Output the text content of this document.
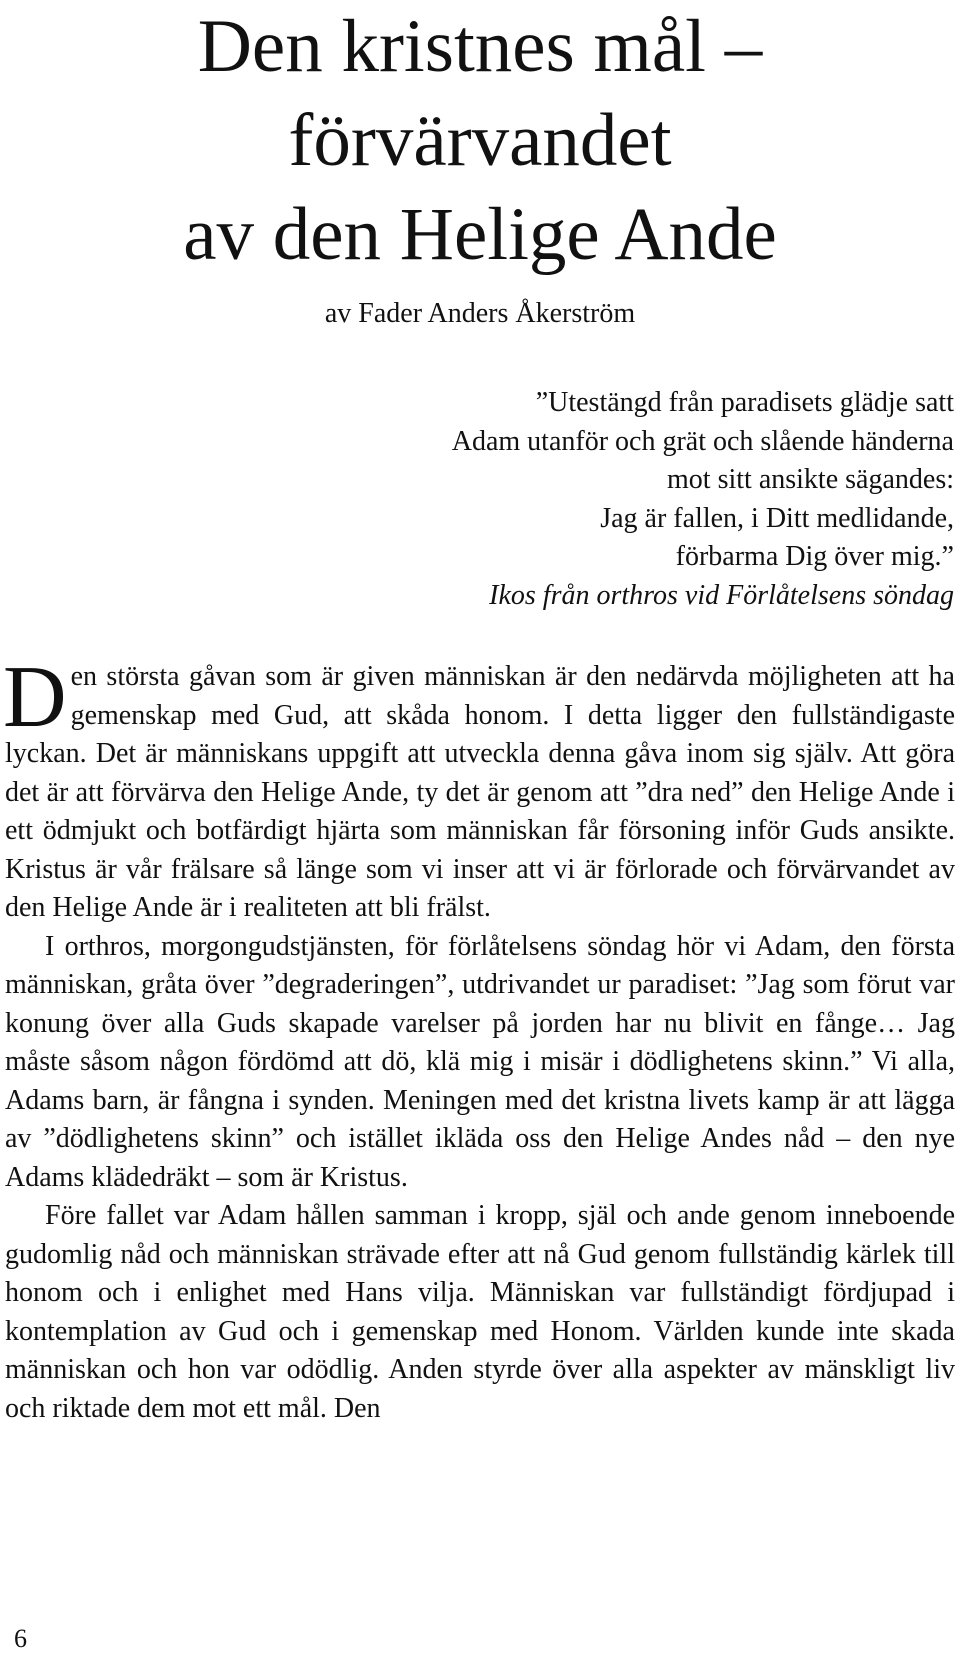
Den kristnes mål –
förvärvandet
av den Helige Ande

av Fader Anders Åkerström

”Utestängd från paradisets glädje satt
Adam utanför och grät och slående händerna
mot sitt ansikte sägandes:
Jag är fallen, i Ditt medlidande,
förbarma Dig över mig.”
Ikos från orthros vid Förlåtelsens söndag

Den största gåvan som är given människan är den nedärvda möjligheten att ha gemenskap med Gud, att skåda honom. I detta ligger den fullständigaste lyckan. Det är människans uppgift att utveckla denna gåva inom sig själv. Att göra det är att förvärva den Helige Ande, ty det är genom att ”dra ned” den Helige Ande i ett ödmjukt och botfärdigt hjärta som människan får försoning inför Guds ansikte. Kristus är vår frälsare så länge som vi inser att vi är förlorade och förvärvandet av den Helige Ande är i realiteten att bli frälst.

I orthros, morgongudstjänsten, för förlåtelsens söndag hör vi Adam, den första människan, gråta över ”degraderingen”, utdrivandet ur paradiset: ”Jag som förut var konung över alla Guds skapade varelser på jorden har nu blivit en fånge… Jag måste såsom någon fördömd att dö, klä mig i misär i dödlighetens skinn.” Vi alla, Adams barn, är fångna i synden. Meningen med det kristna livets kamp är att lägga av ”dödlighetens skinn” och istället ikläda oss den Helige Andes nåd – den nye Adams klädedräkt – som är Kristus.

Före fallet var Adam hållen samman i kropp, själ och ande genom inneboende gudomlig nåd och människan strävade efter att nå Gud genom fullständig kärlek till honom och i enlighet med Hans vilja. Människan var fullständigt fördjupad i kontemplation av Gud och i gemenskap med Honom. Världen kunde inte skada människan och hon var odödlig. Anden styrde över alla aspekter av mänskligt liv och riktade dem mot ett mål. Den

6
